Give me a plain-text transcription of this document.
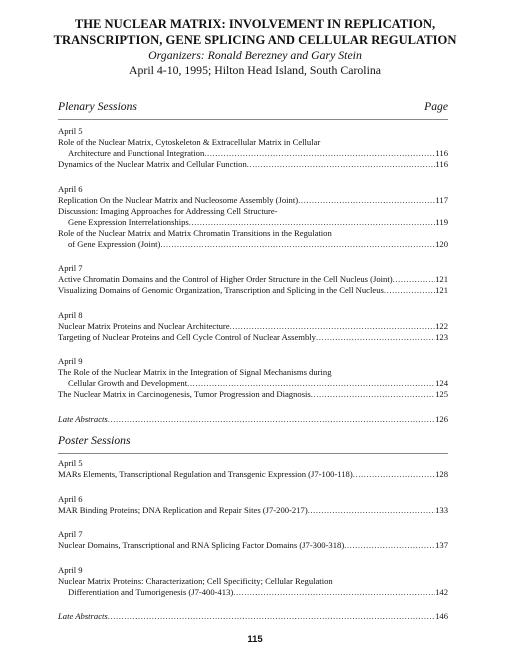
THE NUCLEAR MATRIX: INVOLVEMENT IN REPLICATION,
TRANSCRIPTION, GENE SPLICING AND CELLULAR REGULATION
Organizers: Ronald Berezney and Gary Stein
April 4-10, 1995; Hilton Head Island, South Carolina
Plenary Sessions	Page
April 5
Role of the Nuclear Matrix, Cytoskeleton & Extracellular Matrix in Cellular
Architecture and Functional Integration .....	116
Dynamics of the Nuclear Matrix and Cellular Function .....	116
April 6
Replication On the Nuclear Matrix and Nucleosome Assembly (Joint) .....	117
Discussion: Imaging Approaches for Addressing Cell Structure-
Gene Expression Interrelationships .....	119
Role of the Nuclear Matrix and Matrix Chromatin Transitions in the Regulation
of Gene Expression (Joint) .....	120
April 7
Active Chromatin Domains and the Control of Higher Order Structure in the Cell Nucleus (Joint) .....	121
Visualizing Domains of Genomic Organization, Transcription and Splicing in the Cell Nucleus .....	121
April 8
Nuclear Matrix Proteins and Nuclear Architecture .....	122
Targeting of Nuclear Proteins and Cell Cycle Control of Nuclear Assembly .....	123
April 9
The Role of the Nuclear Matrix in the Integration of Signal Mechanisms during
Cellular Growth and Development .....	124
The Nuclear Matrix in Carcinogenesis, Tumor Progression and Diagnosis .....	125
Late Abstracts .....	126
Poster Sessions
April 5
MARs Elements, Transcriptional Regulation and Transgenic Expression (J7-100-118) .....	128
April 6
MAR Binding Proteins; DNA Replication and Repair Sites (J7-200-217) .....	133
April 7
Nuclear Domains, Transcriptional and RNA Splicing Factor Domains (J7-300-318) .....	137
April 9
Nuclear Matrix Proteins: Characterization; Cell Specificity; Cellular Regulation
Differentiation and Tumorigenesis (J7-400-413) .....	142
Late Abstracts .....	146
115
